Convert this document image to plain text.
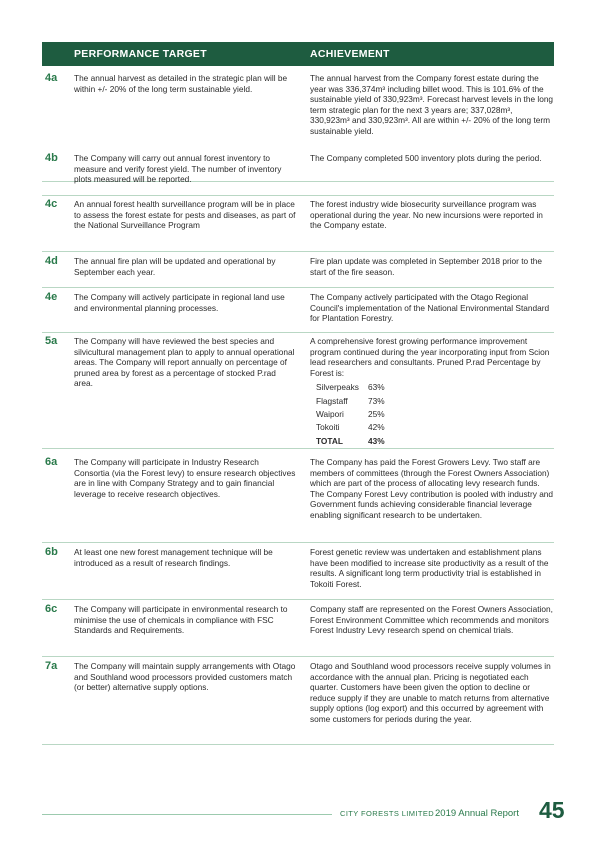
PERFORMANCE TARGET	ACHIEVEMENT
4a The annual harvest as detailed in the strategic plan will be within +/- 20% of the long term sustainable yield.
The annual harvest from the Company forest estate during the year was 336,374m³ including billet wood. This is 101.6% of the sustainable yield of 330,923m³. Forecast harvest levels in the long term strategic plan for the next 3 years are; 337,028m³, 330,923m³ and 330,923m³. All are within +/- 20% of the long term sustainable yield.
4b The Company will carry out annual forest inventory to measure and verify forest yield. The number of inventory plots measured will be reported.
The Company completed 500 inventory plots during the period.
4c An annual forest health surveillance program will be in place to assess the forest estate for pests and diseases, as part of the National Surveillance Program
The forest industry wide biosecurity surveillance program was operational during the year. No new incursions were reported in the Company estate.
4d The annual fire plan will be updated and operational by September each year.
Fire plan update was completed in September 2018 prior to the start of the fire season.
4e The Company will actively participate in regional land use and environmental planning processes.
The Company actively participated with the Otago Regional Council's implementation of the National Environmental Standard for Plantation Forestry.
5a The Company will have reviewed the best species and silvicultural management plan to apply to annual operational areas. The Company will report annually on percentage of pruned area by forest as a percentage of stocked P.rad area.
A comprehensive forest growing performance improvement program continued during the year incorporating input from Scion lead researchers and consultants. Pruned P.rad Percentage by Forest is:
Silverpeaks	63%
Flagstaff	73%
Waipori	25%
Tokoiti	42%
TOTAL	43%
6a The Company will participate in Industry Research Consortia (via the Forest levy) to ensure research objectives are in line with Company Strategy and to gain financial leverage to receive research objectives.
The Company has paid the Forest Growers Levy. Two staff are members of committees (through the Forest Owners Association) which are part of the process of allocating levy research funds. The Company Forest Levy contribution is pooled with industry and Government funds achieving considerable financial leverage enabling significant research to be undertaken.
6b At least one new forest management technique will be introduced as a result of research findings.
Forest genetic review was undertaken and establishment plans have been modified to increase site productivity as a result of the results. A significant long term productivity trial is established in Tokoiti Forest.
6c The Company will participate in environmental research to minimise the use of chemicals in compliance with FSC Standards and Requirements.
Company staff are represented on the Forest Owners Association, Forest Environment Committee which recommends and monitors Forest Industry Levy research spend on chemical trials.
7a The Company will maintain supply arrangements with Otago and Southland wood processors provided customers match (or better) alternative supply options.
Otago and Southland wood processors receive supply volumes in accordance with the annual plan. Pricing is negotiated each quarter. Customers have been given the option to decline or reduce supply if they are unable to match returns from alternative supply options (log export) and this occurred by agreement with some customers for periods during the year.
CITY FORESTS LIMITED 2019 Annual Report 45
